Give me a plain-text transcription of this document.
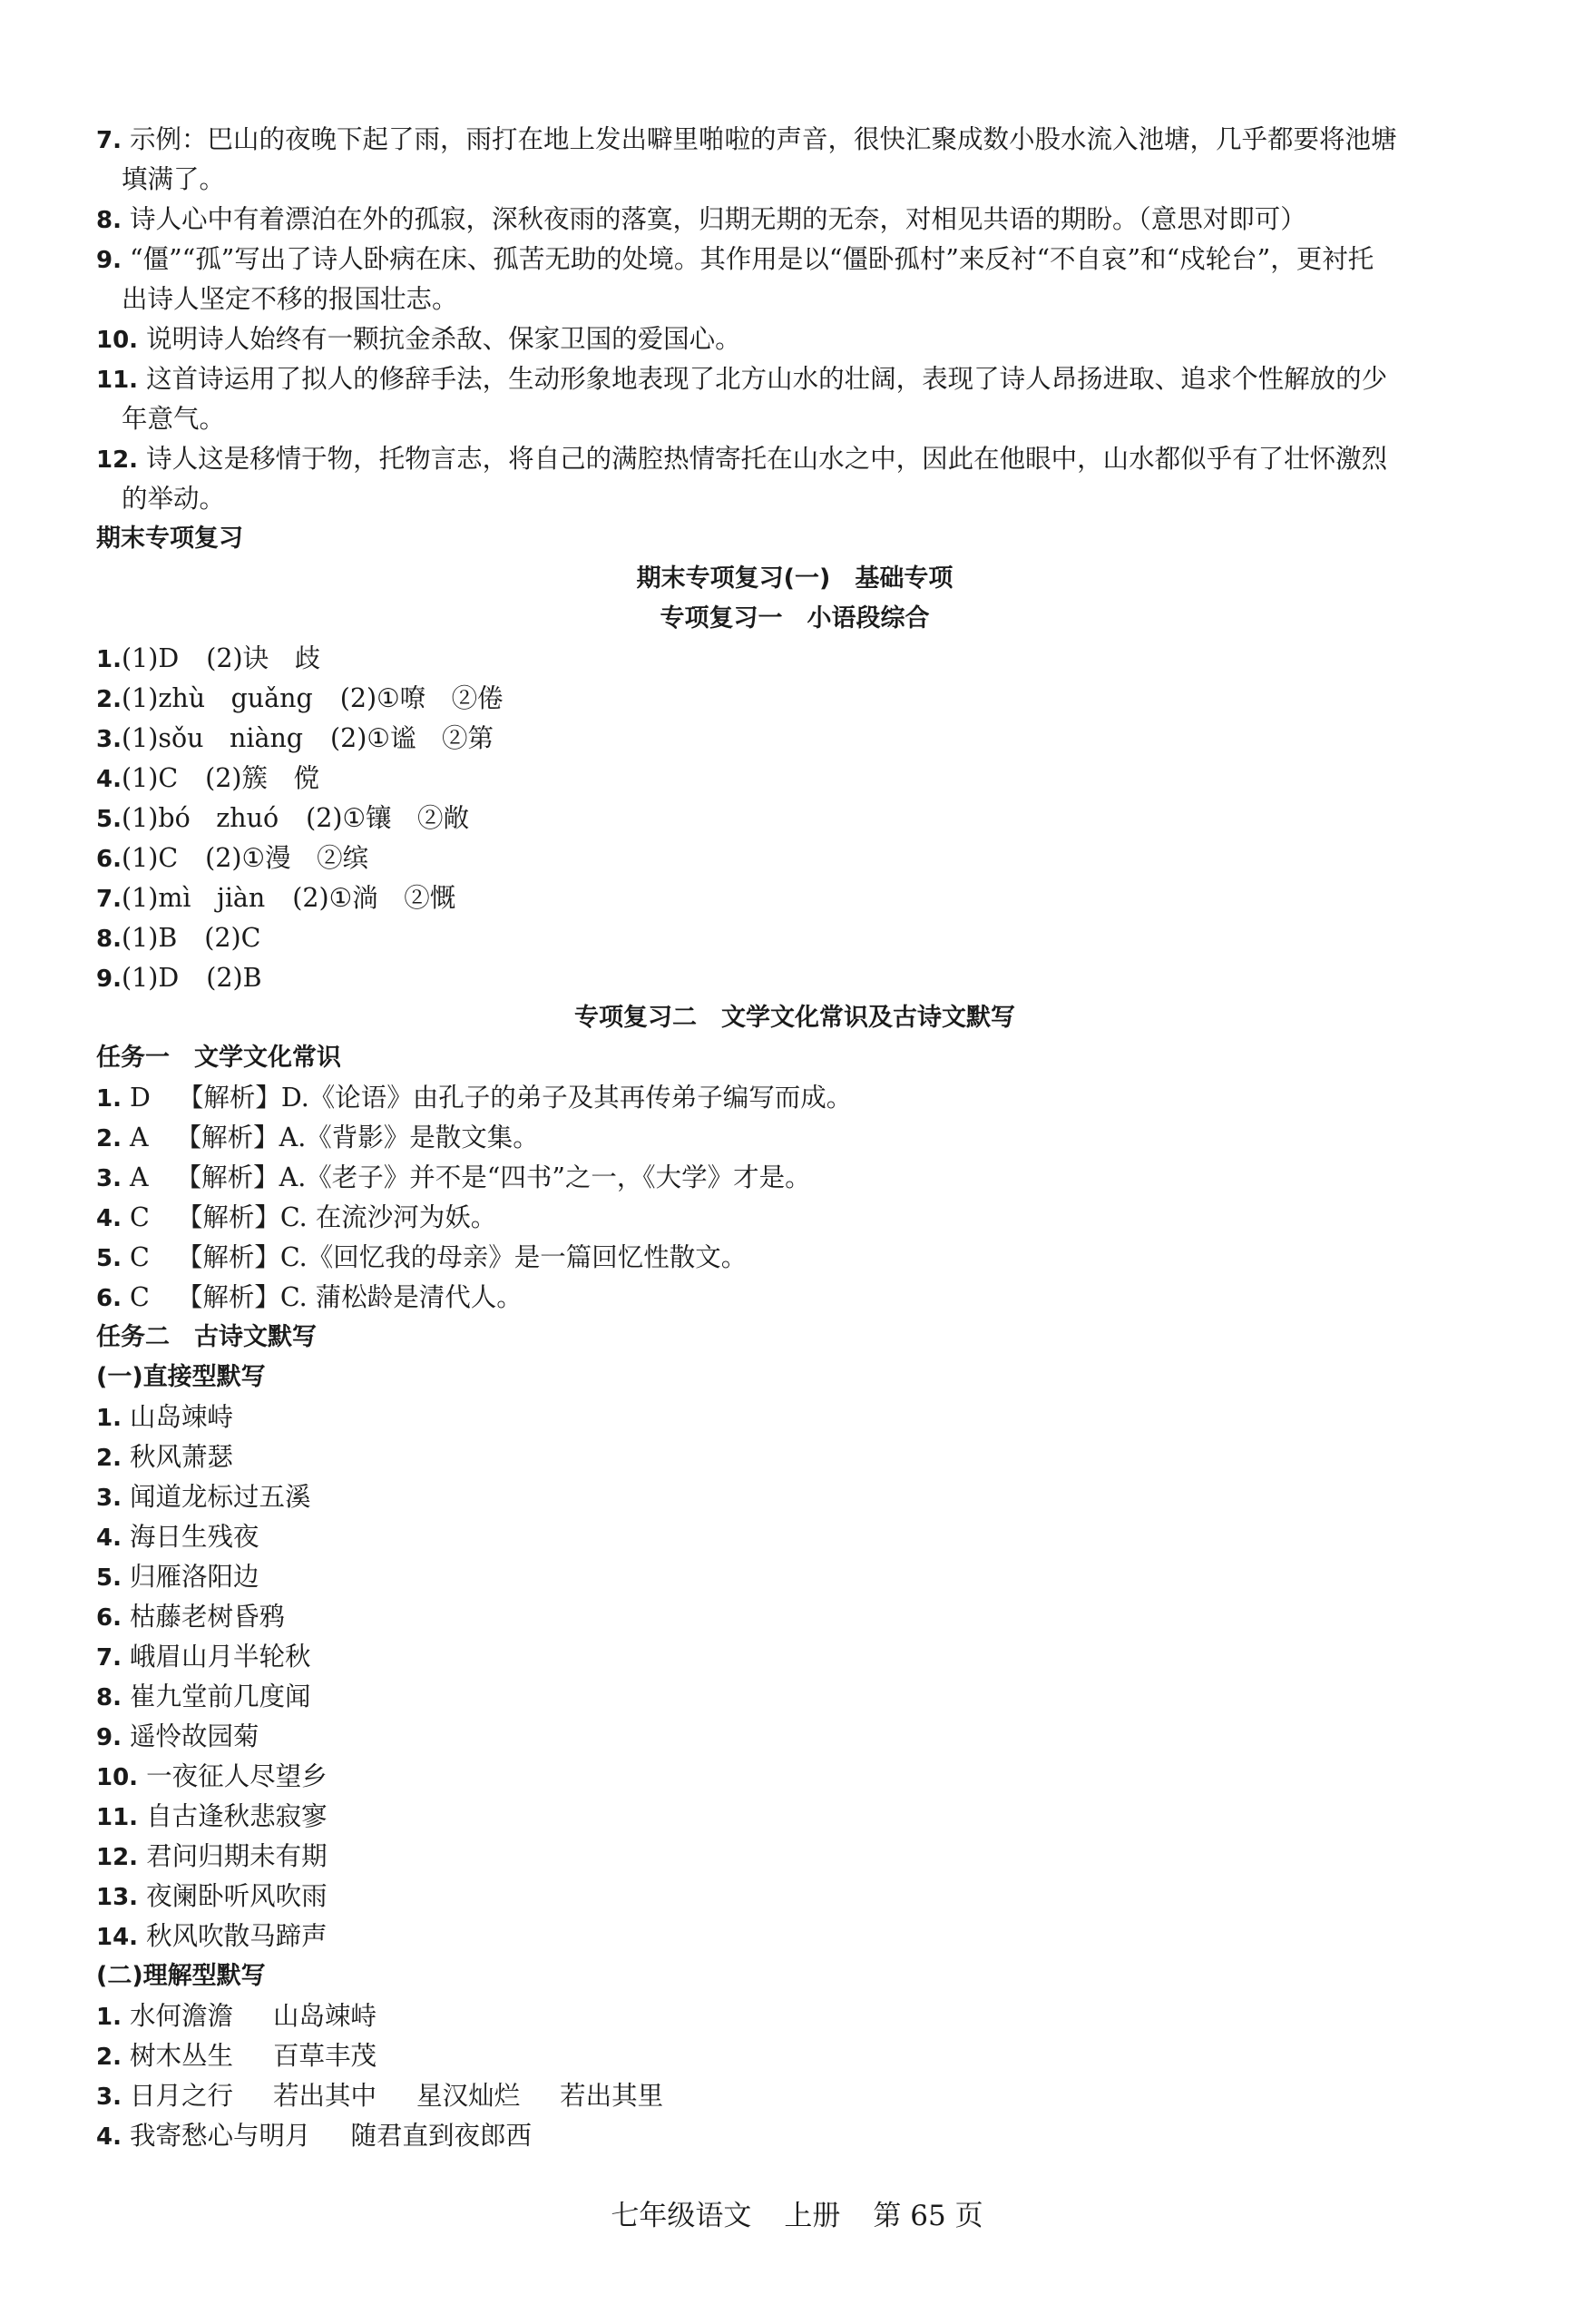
7. 示例：巴山的夜晚下起了雨，雨打在地上发出噼里啪啦的声音，很快汇聚成数小股水流入池塘，几乎都要将池塘
填满了。
8. 诗人心中有着漂泊在外的孤寂，深秋夜雨的落寞，归期无期的无奈，对相见共语的期盼。（意思对即可）
9. “僵”“孤”写出了诗人卧病在床、孤苦无助的处境。其作用是以“僵卧孤村”来反衬“不自哀”和“戍轮台”，更衬托
出诗人坚定不移的报国壮志。
10. 说明诗人始终有一颗抗金杀敌、保家卫国的爱国心。
11. 这首诗运用了拟人的修辞手法，生动形象地表现了北方山水的壮阔，表现了诗人昂扬进取、追求个性解放的少
年意气。
12. 诗人这是移情于物，托物言志，将自己的满腔热情寄托在山水之中，因此在他眼中，山水都似乎有了壮怀激烈
的举动。
期末专项复习
期末专项复习(一)　基础专项
专项复习一　小语段综合
1.(1)D (2)诀　歧
2.(1)zhù　guǎng (2)①嘹　②倦
3.(1)sǒu　niàng (2)①谧　②第
4.(1)C (2)簇　傥
5.(1)bó　zhuó (2)①镶　②敞
6.(1)C (2)①漫　②缤
7.(1)mì　jiàn (2)①淌　②慨
8.(1)B (2)C
9.(1)D (2)B
专项复习二　文学文化常识及古诗文默写
任务一　文学文化常识
1. D 【解析】D.《论语》由孔子的弟子及其再传弟子编写而成。
2. A 【解析】A.《背影》是散文集。
3. A 【解析】A.《老子》并不是“四书”之一，《大学》才是。
4. C 【解析】C. 在流沙河为妖。
5. C 【解析】C.《回忆我的母亲》是一篇回忆性散文。
6. C 【解析】C. 蒲松龄是清代人。
任务二　古诗文默写
(一)直接型默写
1. 山岛竦峙
2. 秋风萧瑟
3. 闻道龙标过五溪
4. 海日生残夜
5. 归雁洛阳边
6. 枯藤老树昏鸦
7. 峨眉山月半轮秋
8. 崔九堂前几度闻
9. 遥怜故园菊
10. 一夜征人尽望乡
11. 自古逢秋悲寂寥
12. 君问归期未有期
13. 夜阑卧听风吹雨
14. 秋风吹散马蹄声
(二)理解型默写
1. 水何澹澹 山岛竦峙
2. 树木丛生 百草丰茂
3. 日月之行 若出其中 星汉灿烂 若出其里
4. 我寄愁心与明月 随君直到夜郎西
七年级语文 上册 第 65 页
